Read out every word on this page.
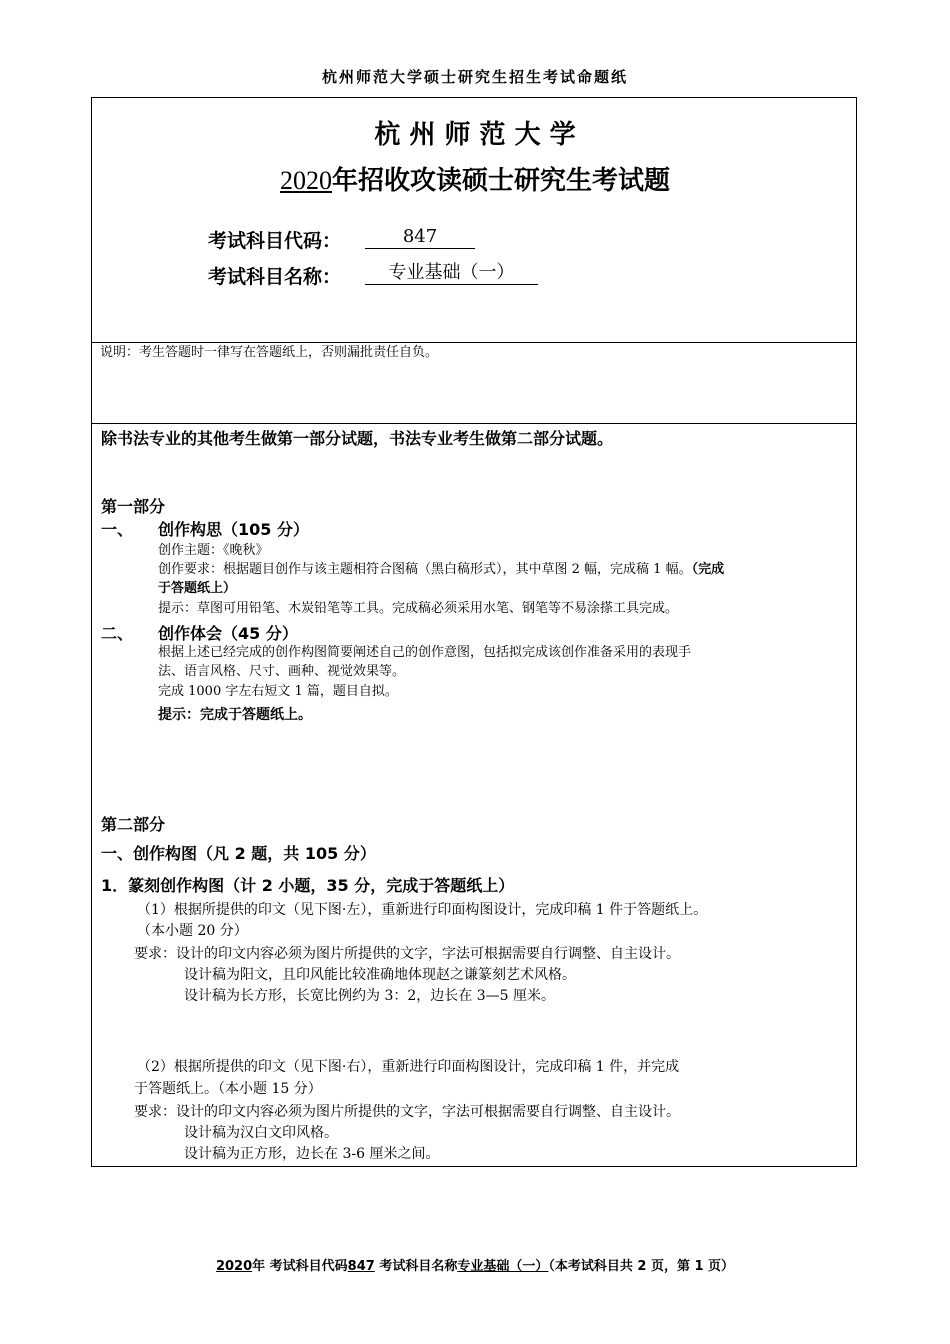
杭州师范大学硕士研究生招生考试命题纸
杭 州 师 范 大 学
2020年招收攻读硕士研究生考试题
考试科目代码：	847
考试科目名称：	专业基础（一）
说明：考生答题时一律写在答题纸上，否则漏批责任自负。
除书法专业的其他考生做第一部分试题，书法专业考生做第二部分试题。
第一部分
一、 创作构思（105 分）
创作主题：《晚秋》
创作要求：根据题目创作与该主题相符合图稿（黑白稿形式），其中草图 2 幅，完成稿 1 幅。（完成
于答题纸上）
提示：草图可用铅笔、木炭铅笔等工具。完成稿必须采用水笔、钢笔等不易涂搽工具完成。
二、 创作体会（45 分）
根据上述已经完成的创作构图简要阐述自己的创作意图，包括拟完成该创作准备采用的表现手
法、语言风格、尺寸、画种、视觉效果等。
完成 1000 字左右短文 1 篇，题目自拟。
提示：完成于答题纸上。
第二部分
一、创作构图（凡 2 题，共 105 分）
1．篆刻创作构图（计 2 小题，35 分，完成于答题纸上）
（1）根据所提供的印文（见下图·左），重新进行印面构图设计，完成印稿 1 件于答题纸上。
（本小题 20 分）
要求：设计的印文内容必须为图片所提供的文字，字法可根据需要自行调整、自主设计。
设计稿为阳文，且印风能比较准确地体现赵之谦篆刻艺术风格。
设计稿为长方形，长宽比例约为 3：2，边长在 3—5 厘米。
（2）根据所提供的印文（见下图·右），重新进行印面构图设计，完成印稿 1 件，并完成
于答题纸上。（本小题 15 分）
要求：设计的印文内容必须为图片所提供的文字，字法可根据需要自行调整、自主设计。
设计稿为汉白文印风格。
设计稿为正方形，边长在 3-6 厘米之间。
2020年 考试科目代码847 考试科目名称专业基础（一）（本考试科目共 2 页，第 1 页）
